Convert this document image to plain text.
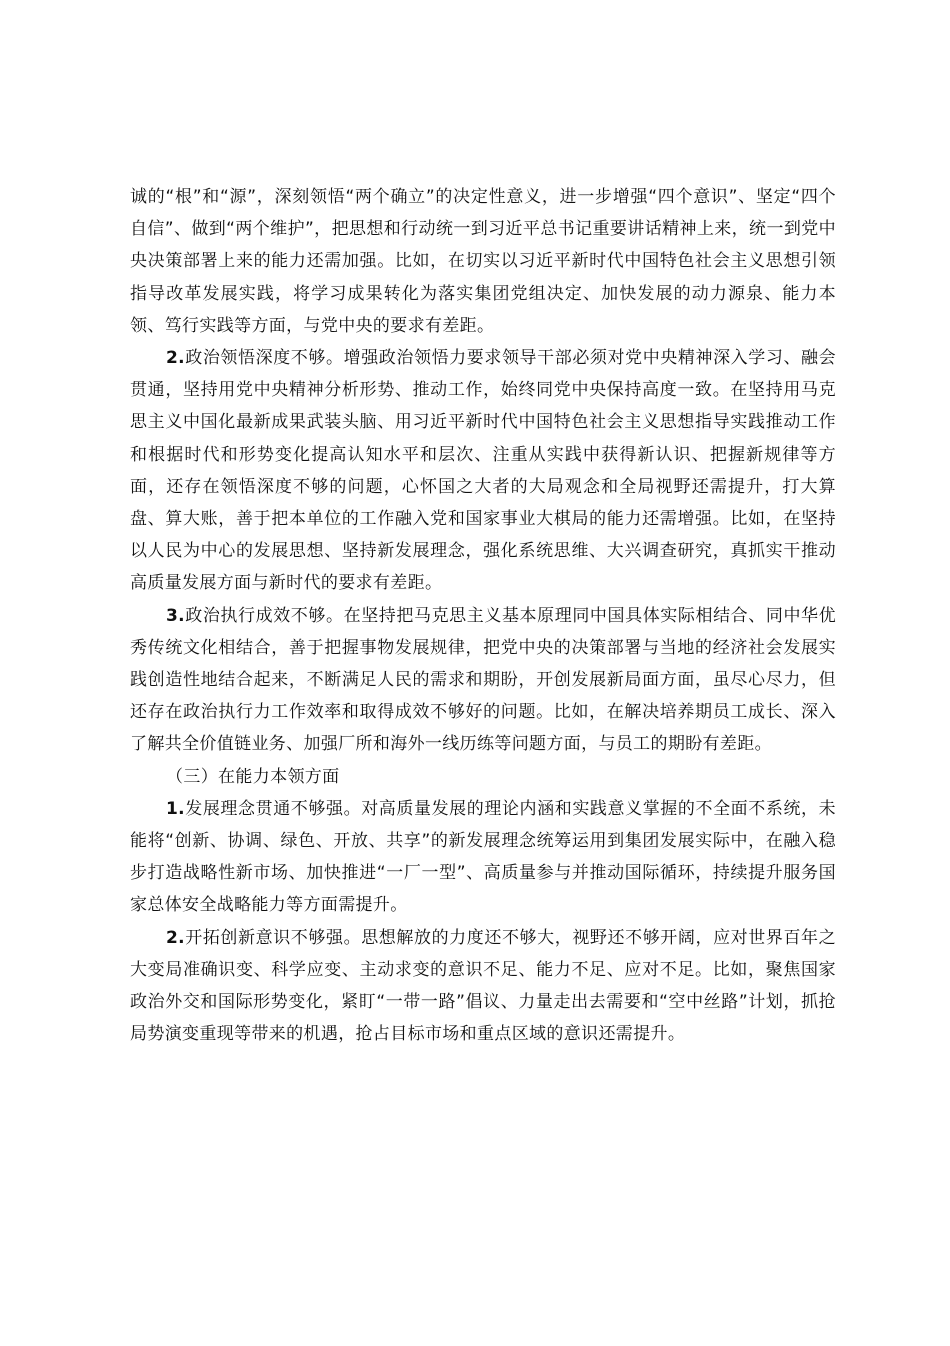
诚的“根”和“源”，深刻领悟“两个确立”的决定性意义，进一步增强“四个意识”、坚定“四个自信”、做到“两个维护”，把思想和行动统一到习近平总书记重要讲话精神上来，统一到党中央决策部署上来的能力还需加强。比如，在切实以习近平新时代中国特色社会主义思想引领指导改革发展实践，将学习成果转化为落实集团党组决定、加快发展的动力源泉、能力本领、笃行实践等方面，与党中央的要求有差距。

2.政治领悟深度不够。增强政治领悟力要求领导干部必须对党中央精神深入学习、融会贯通，坚持用党中央精神分析形势、推动工作，始终同党中央保持高度一致。在坚持用马克思主义中国化最新成果武装头脑、用习近平新时代中国特色社会主义思想指导实践推动工作和根据时代和形势变化提高认知水平和层次、注重从实践中获得新认识、把握新规律等方面，还存在领悟深度不够的问题，心怀国之大者的大局观念和全局视野还需提升，打大算盘、算大账，善于把本单位的工作融入党和国家事业大棋局的能力还需增强。比如，在坚持以人民为中心的发展思想、坚持新发展理念，强化系统思维、大兴调查研究，真抓实干推动高质量发展方面与新时代的要求有差距。

3.政治执行成效不够。在坚持把马克思主义基本原理同中国具体实际相结合、同中华优秀传统文化相结合，善于把握事物发展规律，把党中央的决策部署与当地的经济社会发展实践创造性地结合起来，不断满足人民的需求和期盼，开创发展新局面方面，虽尽心尽力，但还存在政治执行力工作效率和取得成效不够好的问题。比如，在解决培养期员工成长、深入了解共全价值链业务、加强厂所和海外一线历练等问题方面，与员工的期盼有差距。

（三）在能力本领方面

1.发展理念贯通不够强。对高质量发展的理论内涵和实践意义掌握的不全面不系统，未能将“创新、协调、绿色、开放、共享”的新发展理念统筹运用到集团发展实际中，在融入稳步打造战略性新市场、加快推进“一厂一型”、高质量参与并推动国际循环，持续提升服务国家总体安全战略能力等方面需提升。

2.开拓创新意识不够强。思想解放的力度还不够大，视野还不够开阔，应对世界百年之大变局准确识变、科学应变、主动求变的意识不足、能力不足、应对不足。比如，聚焦国家政治外交和国际形势变化，紧盯“一带一路”倡议、力量走出去需要和“空中丝路”计划，抓抢局势演变重现等带来的机遇，抢占目标市场和重点区域的意识还需提升。
